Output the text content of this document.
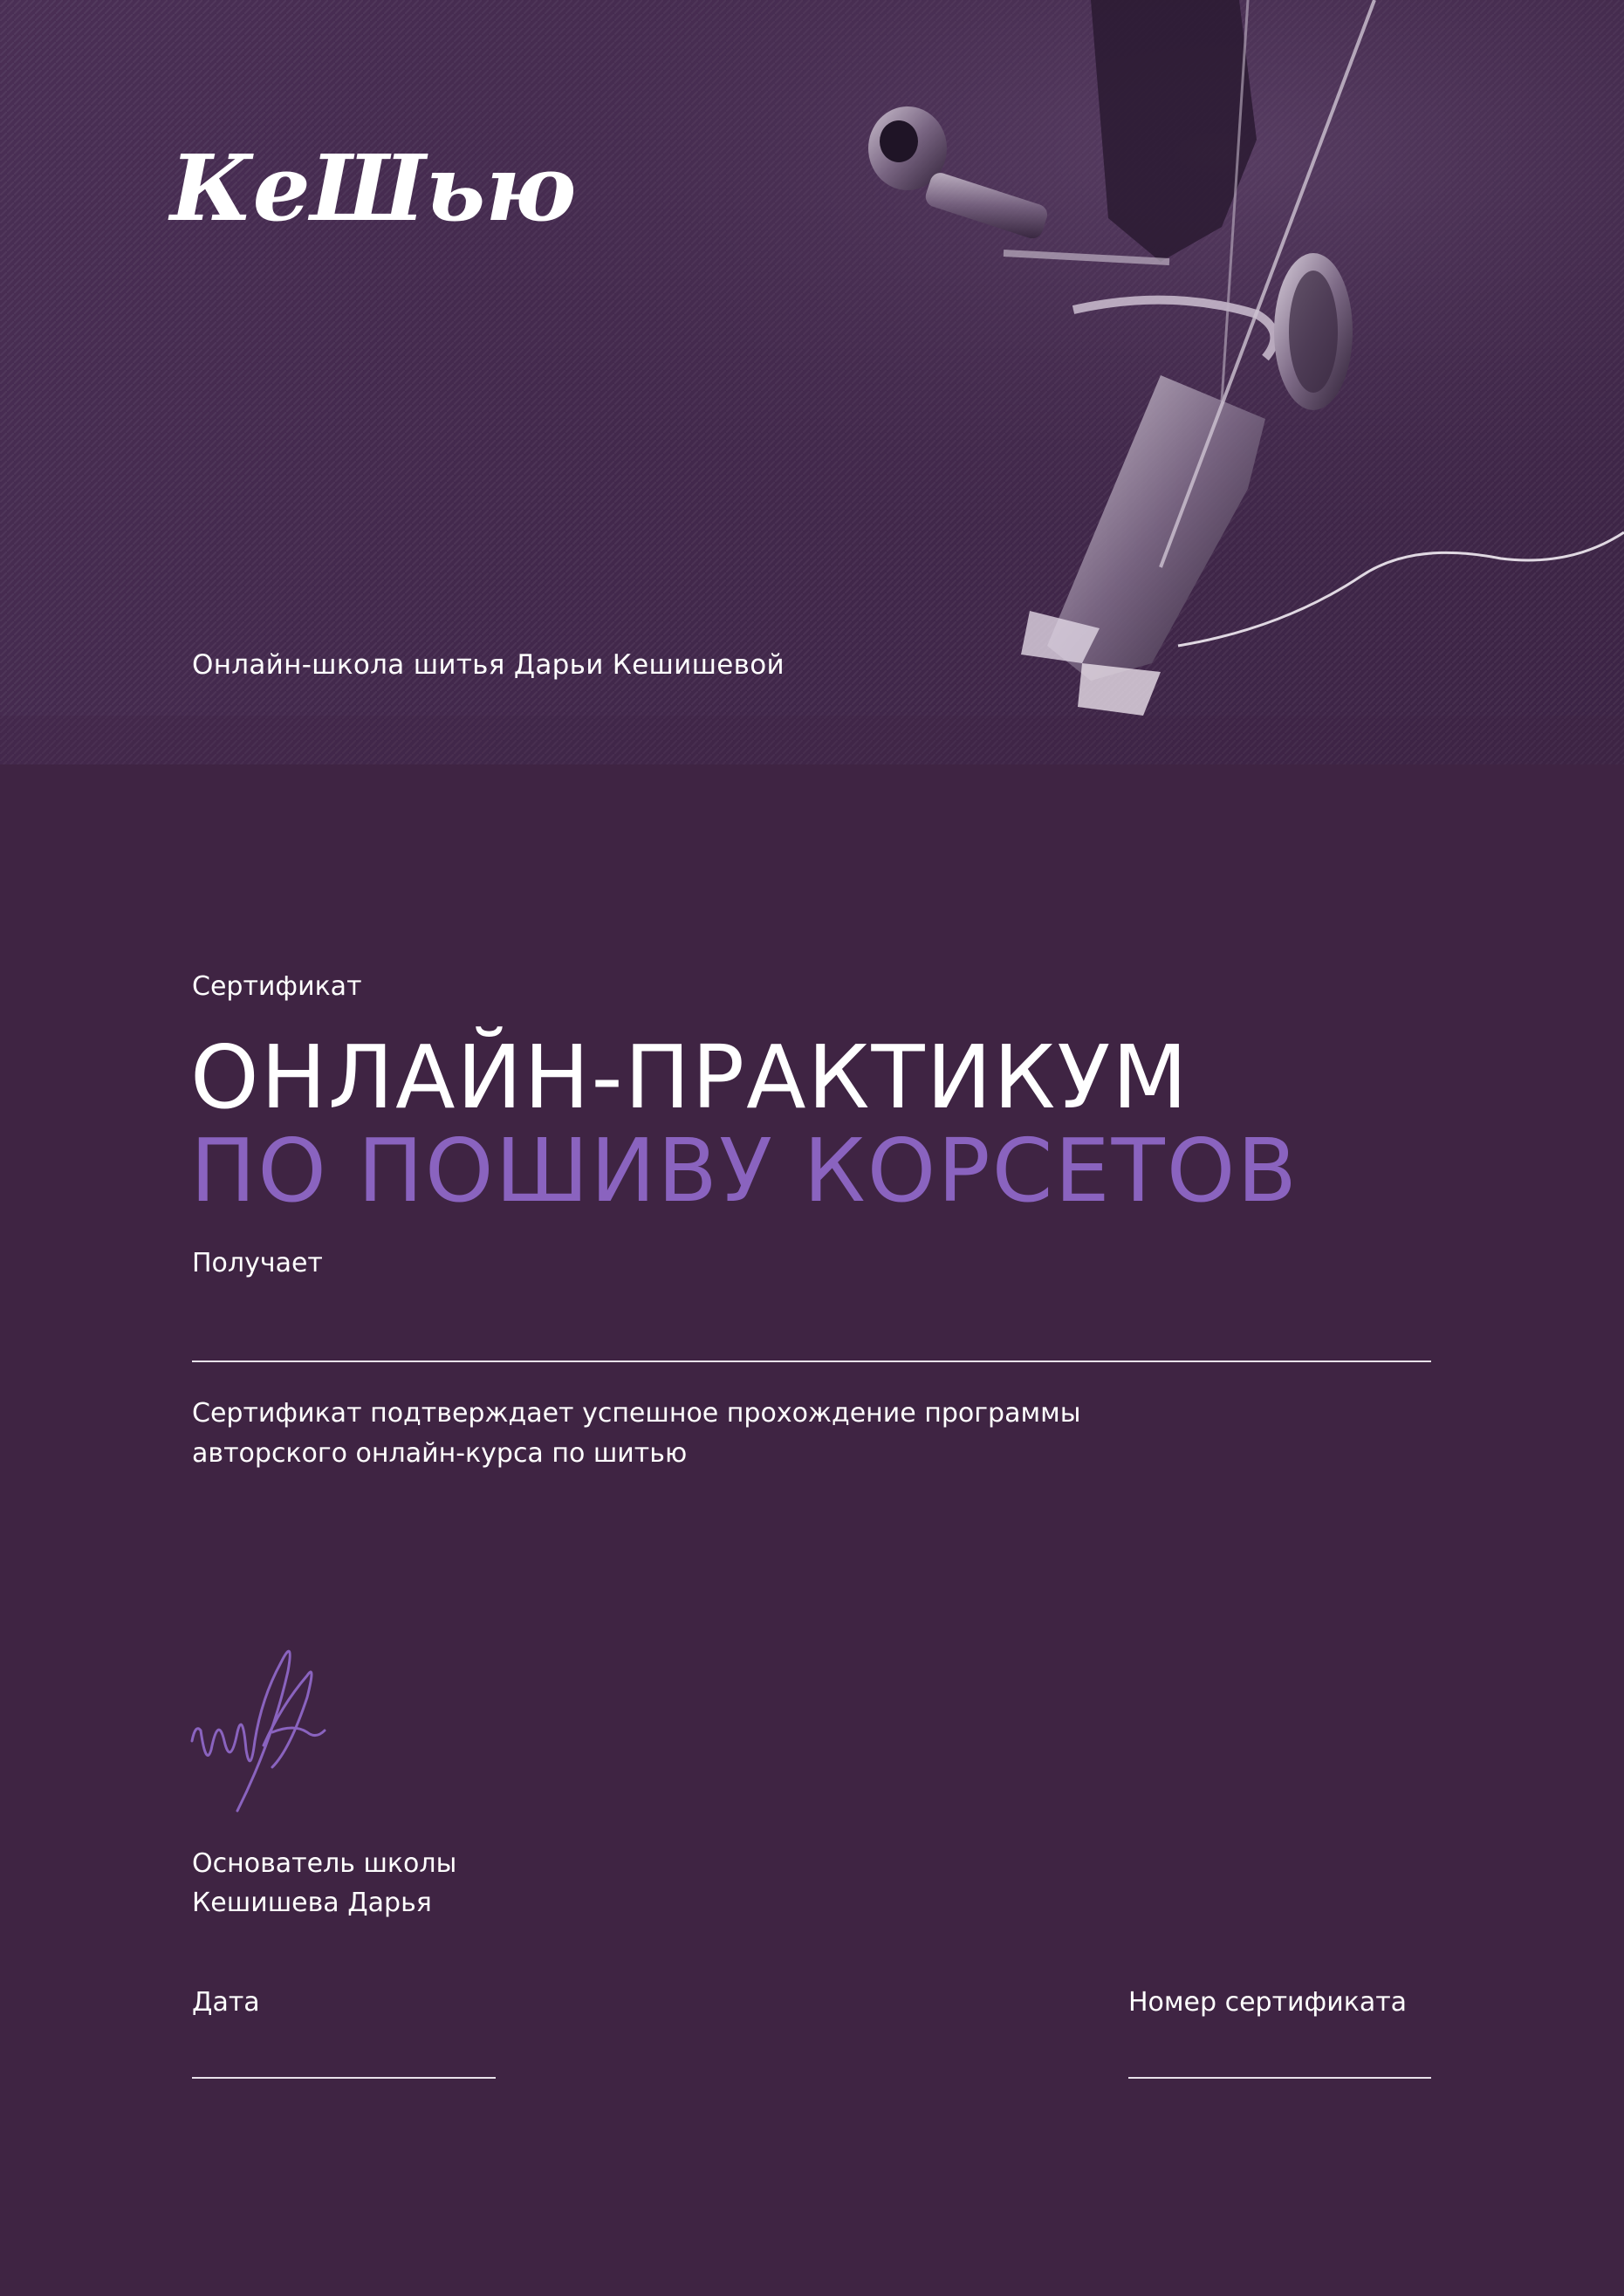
КеШью
Онлайн-школа шитья Дарьи Кешишевой
Сертификат
ОНЛАЙН-ПРАКТИКУМ
ПО ПОШИВУ КОРСЕТОВ
Получает
Сертификат подтверждает успешное прохождение программы
авторского онлайн-курса по шитью
Основатель школы
Кешишева Дарья
Дата	Номер сертификата
